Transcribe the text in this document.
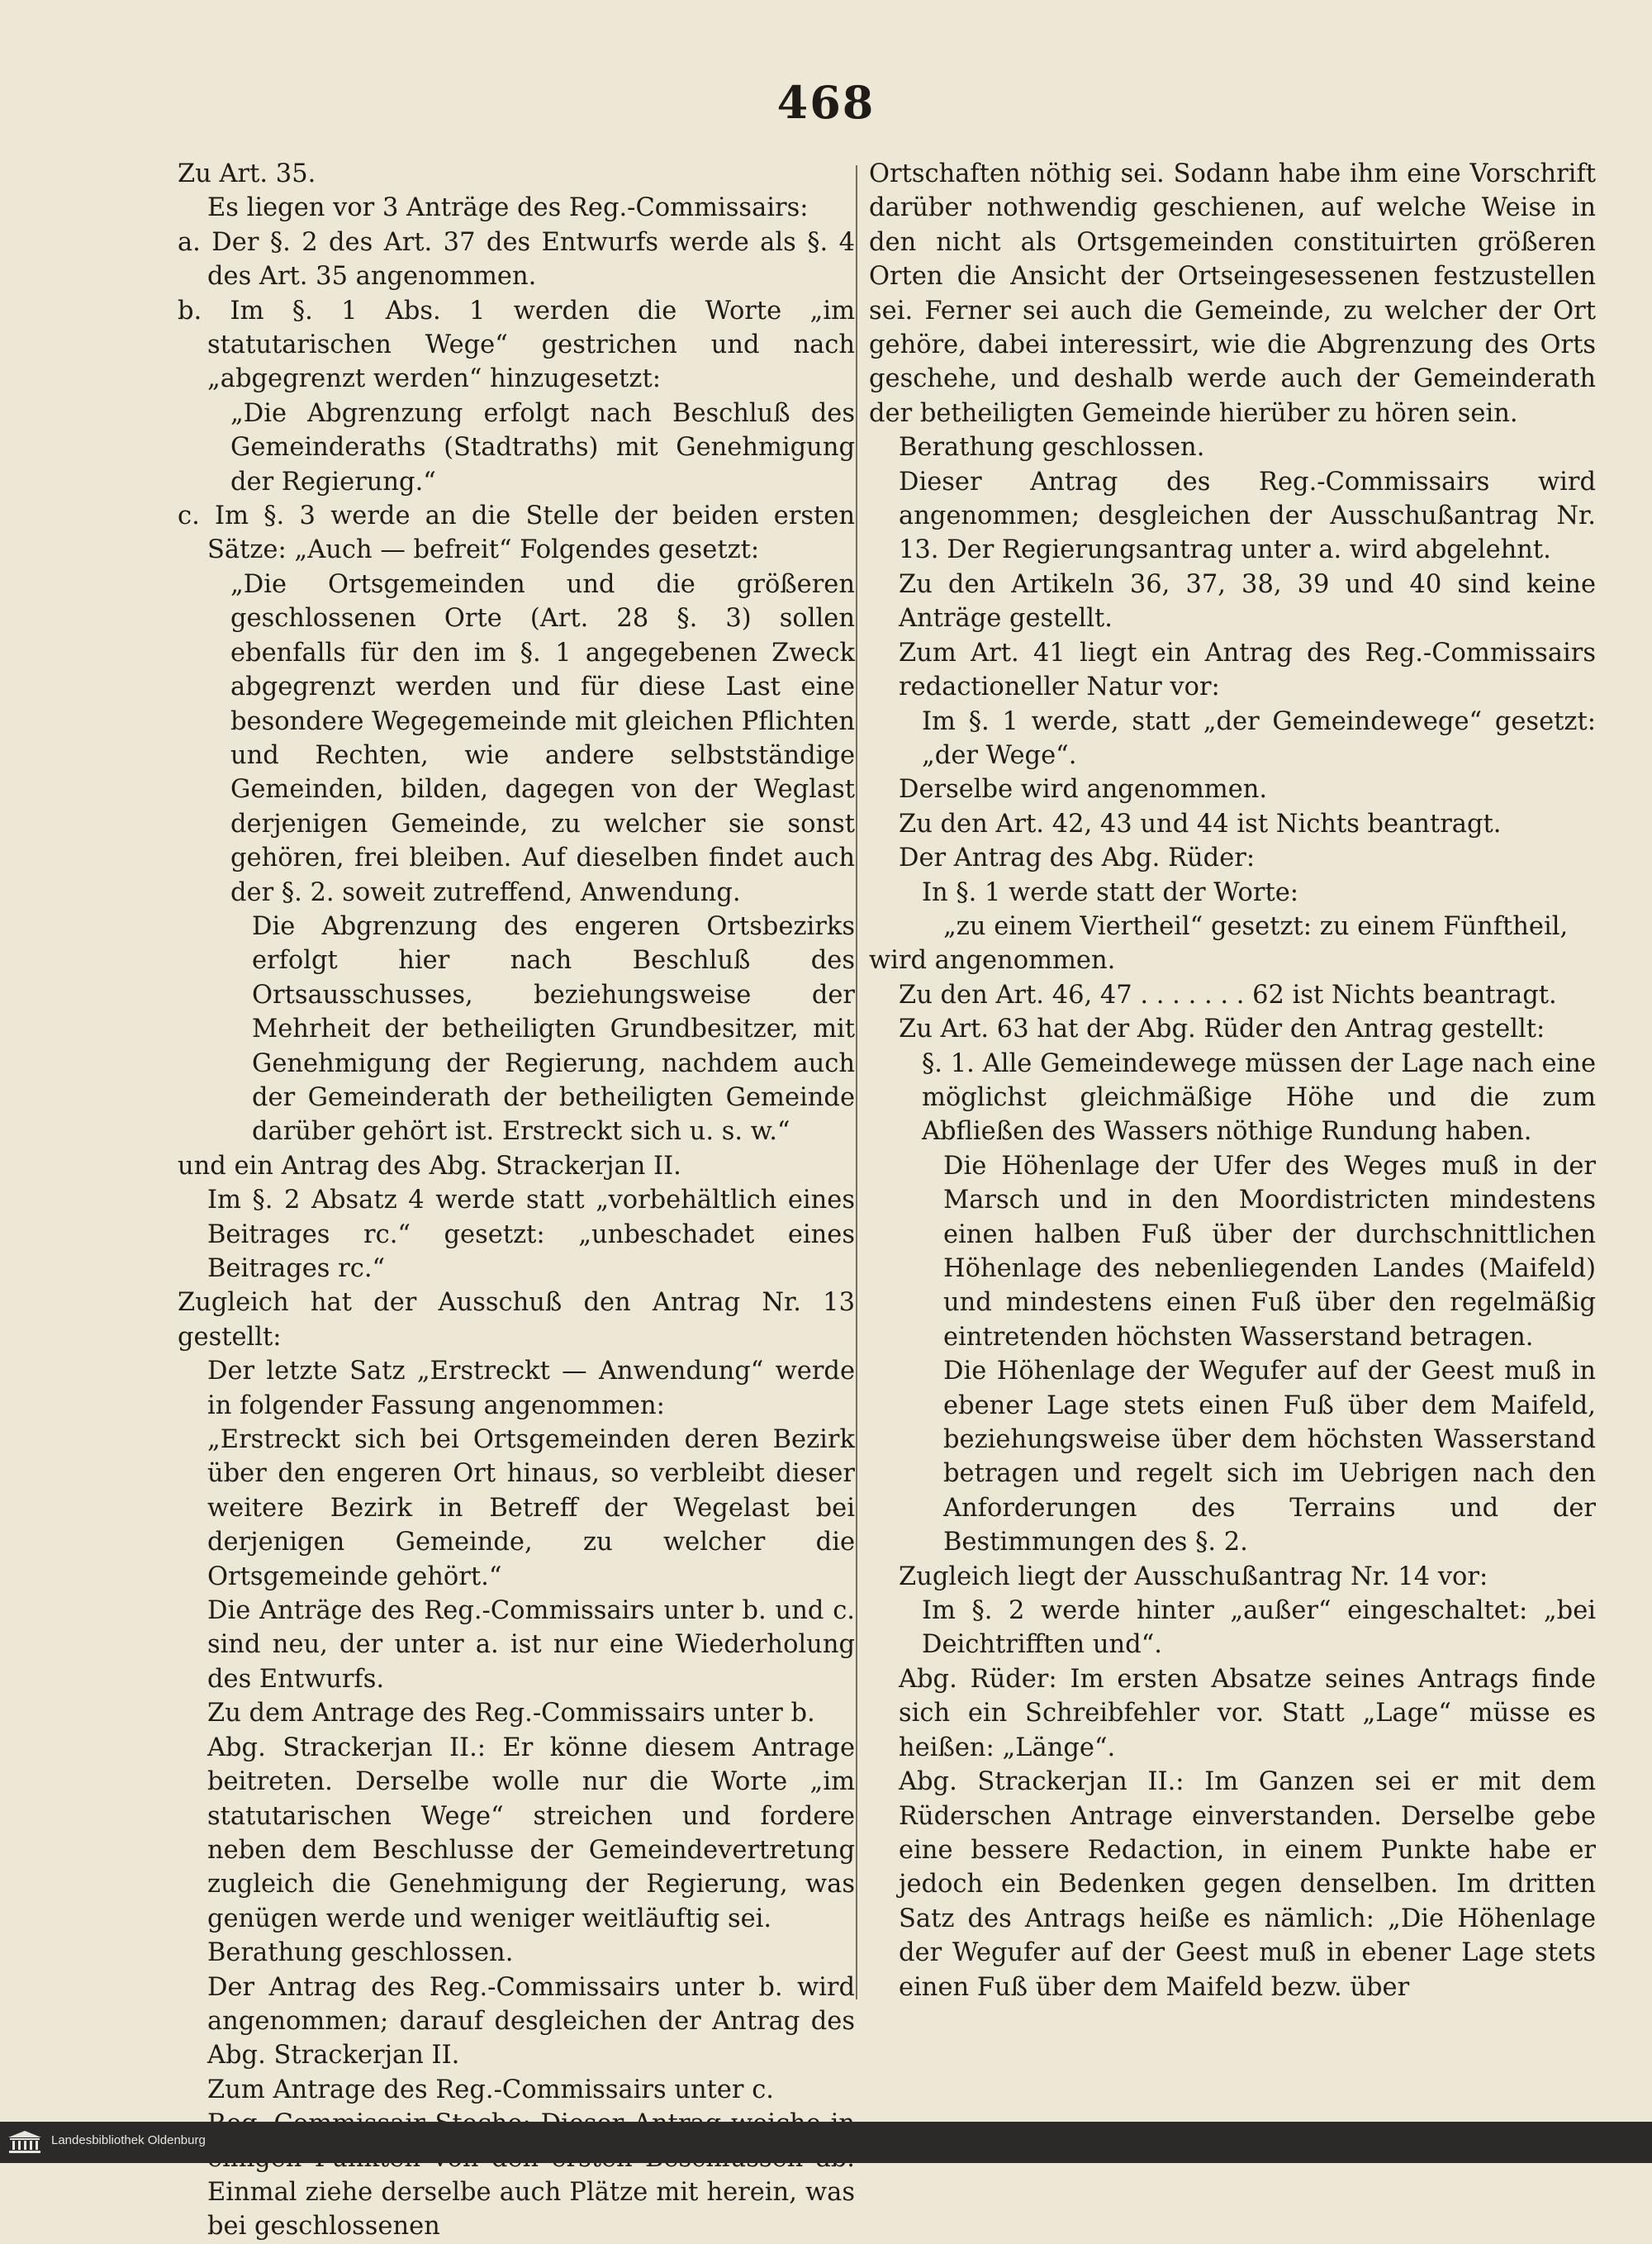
468

Zu Art. 35.

Es liegen vor 3 Anträge des Reg.-Commissairs:

a. Der §. 2 des Art. 37 des Entwurfs werde als §. 4 des Art. 35 angenommen.

b. Im §. 1 Abs. 1 werden die Worte „im statutarischen Wege“ gestrichen und nach „abgegrenzt werden“ hinzugesetzt:

„Die Abgrenzung erfolgt nach Beschluß des Gemeinderaths (Stadtraths) mit Genehmigung der Regierung.“

c. Im §. 3 werde an die Stelle der beiden ersten Sätze: „Auch — befreit“ Folgendes gesetzt:

„Die Ortsgemeinden und die größeren geschlossenen Orte (Art. 28 §. 3) sollen ebenfalls für den im §. 1 angegebenen Zweck abgegrenzt werden und für diese Last eine besondere Wegegemeinde mit gleichen Pflichten und Rechten, wie andere selbstständige Gemeinden, bilden, dagegen von der Weglast derjenigen Gemeinde, zu welcher sie sonst gehören, frei bleiben. Auf dieselben findet auch der §. 2. soweit zutreffend, Anwendung.

Die Abgrenzung des engeren Ortsbezirks erfolgt hier nach Beschluß des Ortsausschusses, beziehungsweise der Mehrheit der betheiligten Grundbesitzer, mit Genehmigung der Regierung, nachdem auch der Gemeinderath der betheiligten Gemeinde darüber gehört ist. Erstreckt sich u. s. w.“

und ein Antrag des Abg. Strackerjan II.

Im §. 2 Absatz 4 werde statt „vorbehältlich eines Beitrages rc.“ gesetzt: „unbeschadet eines Beitrages rc.“

Zugleich hat der Ausschuß den Antrag Nr. 13 gestellt:

Der letzte Satz „Erstreckt — Anwendung“ werde in folgender Fassung angenommen:

„Erstreckt sich bei Ortsgemeinden deren Bezirk über den engeren Ort hinaus, so verbleibt dieser weitere Bezirk in Betreff der Wegelast bei derjenigen Gemeinde, zu welcher die Ortsgemeinde gehört.“

Die Anträge des Reg.-Commissairs unter b. und c. sind neu, der unter a. ist nur eine Wiederholung des Entwurfs.

Zu dem Antrage des Reg.-Commissairs unter b.

Abg. Strackerjan II.: Er könne diesem Antrage beitreten. Derselbe wolle nur die Worte „im statutarischen Wege“ streichen und fordere neben dem Beschlusse der Gemeindevertretung zugleich die Genehmigung der Regierung, was genügen werde und weniger weitläuftig sei.

Berathung geschlossen.

Der Antrag des Reg.-Commissairs unter b. wird angenommen; darauf desgleichen der Antrag des Abg. Strackerjan II.

Zum Antrage des Reg.-Commissairs unter c.

Einmal ziehe derselbe auch Plätze mit herein, was bei geschlossenen

Ortschaften nöthig sei. Sodann habe ihm eine Vorschrift darüber nothwendig geschienen, auf welche Weise in den nicht als Ortsgemeinden constituirten größeren Orten die Ansicht der Ortseingesessenen festzustellen sei. Ferner sei auch die Gemeinde, zu welcher der Ort gehöre, dabei interessirt, wie die Abgrenzung des Orts geschehe, und deshalb werde auch der Gemeinderath der betheiligten Gemeinde hierüber zu hören sein.

Berathung geschlossen.

Dieser Antrag des Reg.-Commissairs wird angenommen; desgleichen der Ausschußantrag Nr. 13. Der Regierungsantrag unter a. wird abgelehnt.

Zu den Artikeln 36, 37, 38, 39 und 40 sind keine Anträge gestellt.

Zum Art. 41 liegt ein Antrag des Reg.-Commissairs redactioneller Natur vor:

Im §. 1 werde, statt „der Gemeindewege“ gesetzt: „der Wege“.

Derselbe wird angenommen.

Zu den Art. 42, 43 und 44 ist Nichts beantragt.

Der Antrag des Abg. Rüder:

In §. 1 werde statt der Worte:

„zu einem Viertheil“ gesetzt: zu einem Fünftheil,

wird angenommen.

Zu den Art. 46, 47 . . . . . . . 62 ist Nichts beantragt.

Zu Art. 63 hat der Abg. Rüder den Antrag gestellt:

§. 1. Alle Gemeindewege müssen der Lage nach eine möglichst gleichmäßige Höhe und die zum Abfließen des Wassers nöthige Rundung haben.

Die Höhenlage der Ufer des Weges muß in der Marsch und in den Moordistricten mindestens einen halben Fuß über der durchschnittlichen Höhenlage des nebenliegenden Landes (Maifeld) und mindestens einen Fuß über den regelmäßig eintretenden höchsten Wasserstand betragen.

Die Höhenlage der Wegufer auf der Geest muß in ebener Lage stets einen Fuß über dem Maifeld, beziehungsweise über dem höchsten Wasserstand betragen und regelt sich im Uebrigen nach den Anforderungen des Terrains und der Bestimmungen des §. 2.

Zugleich liegt der Ausschußantrag Nr. 14 vor:

Im §. 2 werde hinter „außer“ eingeschaltet: „bei Deichtrifften und“.

Abg. Rüder: Im ersten Absatze seines Antrags finde sich ein Schreibfehler vor. Statt „Lage“ müsse es heißen: „Länge“.

Abg. Strackerjan II.: Im Ganzen sei er mit dem Rüderschen Antrage einverstanden. Derselbe gebe eine bessere Redaction, in einem Punkte habe er jedoch ein Bedenken gegen denselben. Im dritten Satz des Antrags heiße es nämlich: „Die Höhenlage der Wegufer auf der Geest muß in ebener Lage stets einen Fuß über dem Maifeld bezw. über

Landesbibliothek Oldenburg
